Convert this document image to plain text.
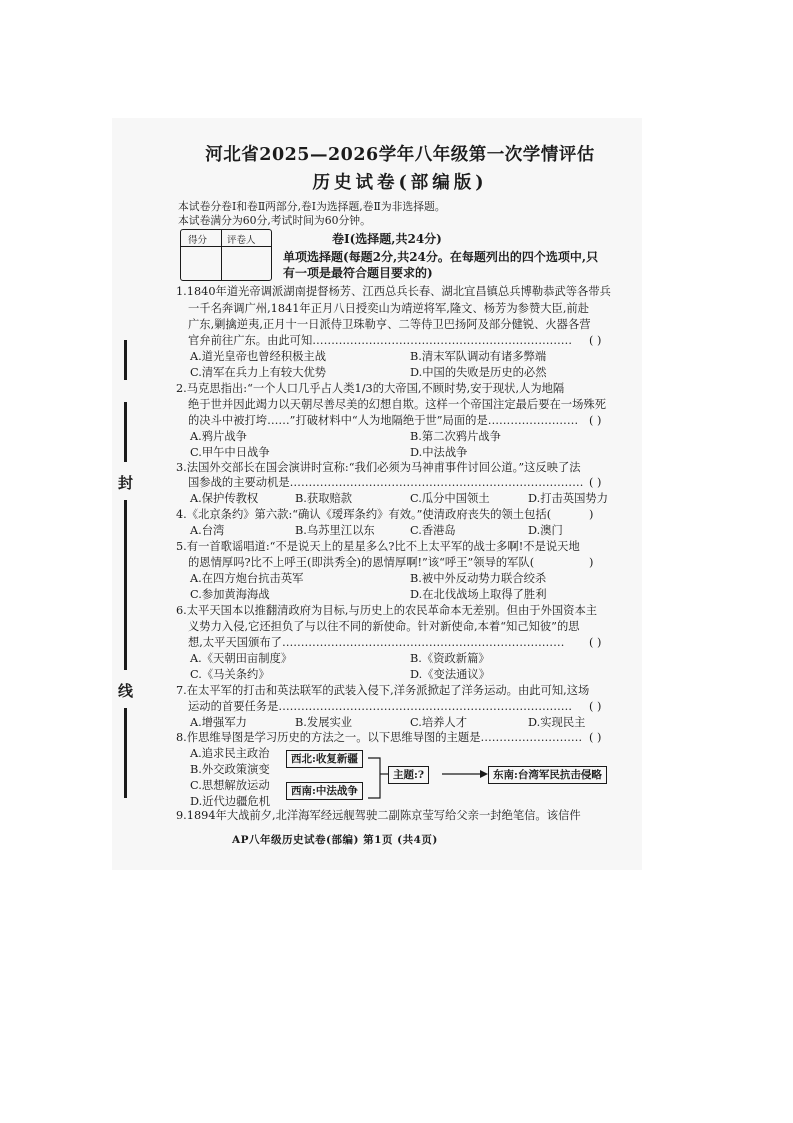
封
线
河北省2025—2026学年八年级第一次学情评估
历史试卷(部编版)
本试卷分卷Ⅰ和卷Ⅱ两部分,卷Ⅰ为选择题,卷Ⅱ为非选择题。
本试卷满分为60分,考试时间为60分钟。
得分 评卷人	卷Ⅰ(选择题,共24分)
单项选择题(每题2分,共24分。在每题列出的四个选项中,只
有一项是最符合题目要求的)
1.1840年道光帝调派湖南提督杨芳、江西总兵长春、湖北宜昌镇总兵博勒恭武等各带兵
一千名奔调广州,1841年正月八日授奕山为靖逆将军,隆文、杨芳为参赞大臣,前赴
广东,剿擒逆夷,正月十一日派侍卫珠勒亨、二等侍卫巴扬阿及部分健锐、火器各营
官弁前往广东。由此可知…………………………………………………………… ( )
A.道光皇帝也曾经积极主战	B.清末军队调动有诸多弊端
C.清军在兵力上有较大优势	D.中国的失败是历史的必然
2.马克思指出:“一个人口几乎占人类1/3的大帝国,不顾时势,安于现状,人为地隔
绝于世并因此竭力以天朝尽善尽美的幻想自欺。这样一个帝国注定最后要在一场殊死
的决斗中被打垮……”打破材料中“人为地隔绝于世”局面的是…………………… ( )
A.鸦片战争	B.第二次鸦片战争
C.甲午中日战争	D.中法战争
3.法国外交部长在国会演讲时宣称:“我们必须为马神甫事件讨回公道。”这反映了法
国参战的主要动机是…………………………………………………………………… ( )
A.保护传教权	B.获取赔款	C.瓜分中国领土	D.打击英国势力
4.《北京条约》第六款:“确认《瑷珲条约》有效。”使清政府丧失的领土包括(	)
A.台湾	B.乌苏里江以东	C.香港岛	D.澳门
5.有一首歌谣唱道:“不是说天上的星星多么?比不上太平军的战士多啊!不是说天地
的恩情厚吗?比不上呼王(即洪秀全)的恩情厚啊!”该“呼王”领导的军队(	)
A.在四方炮台抗击英军	B.被中外反动势力联合绞杀
C.参加黄海海战	D.在北伐战场上取得了胜利
6.太平天国本以推翻清政府为目标,与历史上的农民革命本无差别。但由于外国资本主
义势力入侵,它还担负了与以往不同的新使命。针对新使命,本着“知己知彼”的思
想,太平天国颁布了………………………………………………………………… ( )
A.《天朝田亩制度》	B.《资政新篇》
C.《马关条约》	D.《变法通议》
7.在太平军的打击和英法联军的武装入侵下,洋务派掀起了洋务运动。由此可知,这场
运动的首要任务是…………………………………………………………………… ( )
A.增强军力	B.发展实业	C.培养人才	D.实现民主
8.作思维导图是学习历史的方法之一。以下思维导图的主题是……………………… ( )
A.追求民主政治
B.外交政策演变
C.思想解放运动
D.近代边疆危机
西北:收复新疆
西南:中法战争
主题:?	东南:台湾军民抗击侵略
9.1894年大战前夕,北洋海军经远舰驾驶二副陈京莹写给父亲一封绝笔信。该信件
AP八年级历史试卷(部编) 第1页 (共4页)
